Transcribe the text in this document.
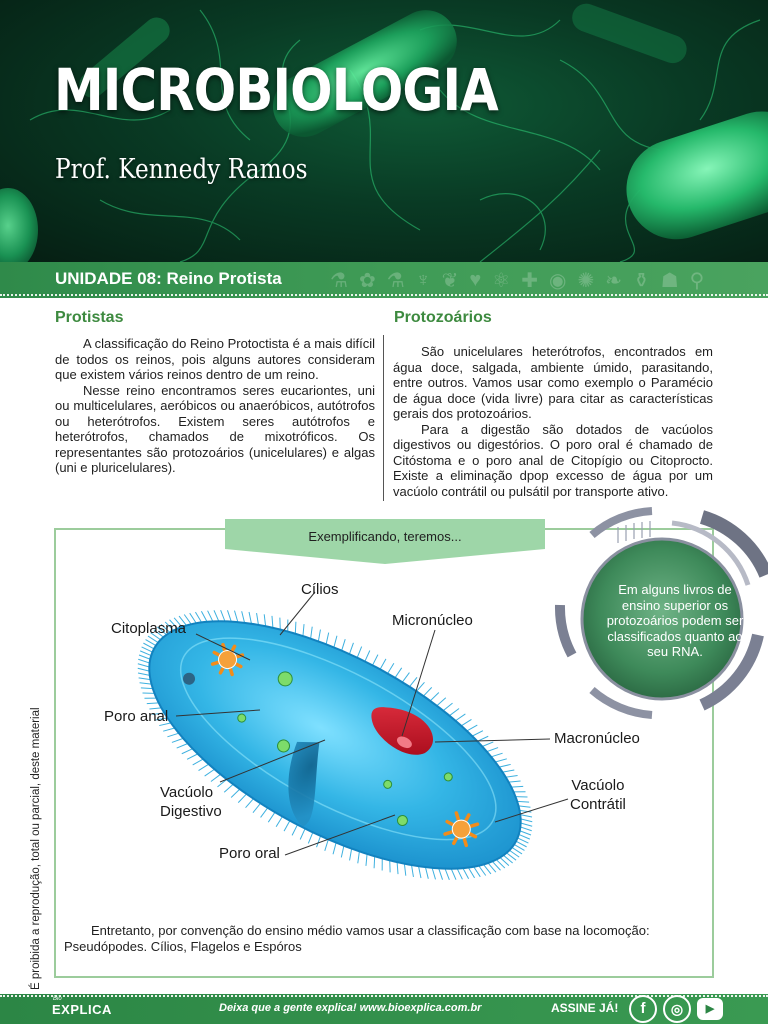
MICROBIOLOGIA
Prof. Kennedy Ramos
UNIDADE 08: Reino Protista ⚗ ✿ ⚗ ♆ ❦ ♥ ⚛ ✚ ◉ ✺ ❧ ⚱ ☗ ⚲
Protistas

A classificação do Reino Protoctista é a mais difícil de todos os reinos, pois alguns autores consideram que existem vários reinos dentro de um reino.

Nesse reino encontramos seres eucariontes, uni ou multicelulares, aeróbicos ou anaeróbicos, autótrofos ou heterótrofos. Existem seres autótrofos e heterótrofos, chamados de mixotróficos. Os representantes são protozoários (unicelulares) e algas (uni e pluricelulares).

Protozoários

São unicelulares heterótrofos, encontrados em água doce, salgada, ambiente úmido, parasitando, entre outros. Vamos usar como exemplo o Paramécio de água doce (vida livre) para citar as características gerais dos protozoários.

Para a digestão são dotados de vacúolos digestivos ou digestórios. O poro oral é chamado de Citóstoma e o poro anal de Citopígio ou Citoprocto. Existe a eliminação dpop excesso de água por um vacúolo contrátil ou pulsátil por transporte ativo.

Exemplificando, teremos...
Em alguns livros de ensino superior os protozoários podem ser classificados quanto ao seu RNA.
Cílios
Citoplasma	Micronúcleo
Poro anal
Macronúcleo
Vacúolo
Digestivo
Vacúolo
Contrátil
Poro oral
Entretanto, por convenção do ensino médio vamos usar a classificação com base na locomoção:
Pseudópodes. Cílios, Flagelos e Espóros
É proibida a reprodução, total ou parcial, deste material
Bio
EXPLICA	Deixa que a gente explica! www.bioexplica.com.br	ASSINE JÁ!	f	◎	▶
